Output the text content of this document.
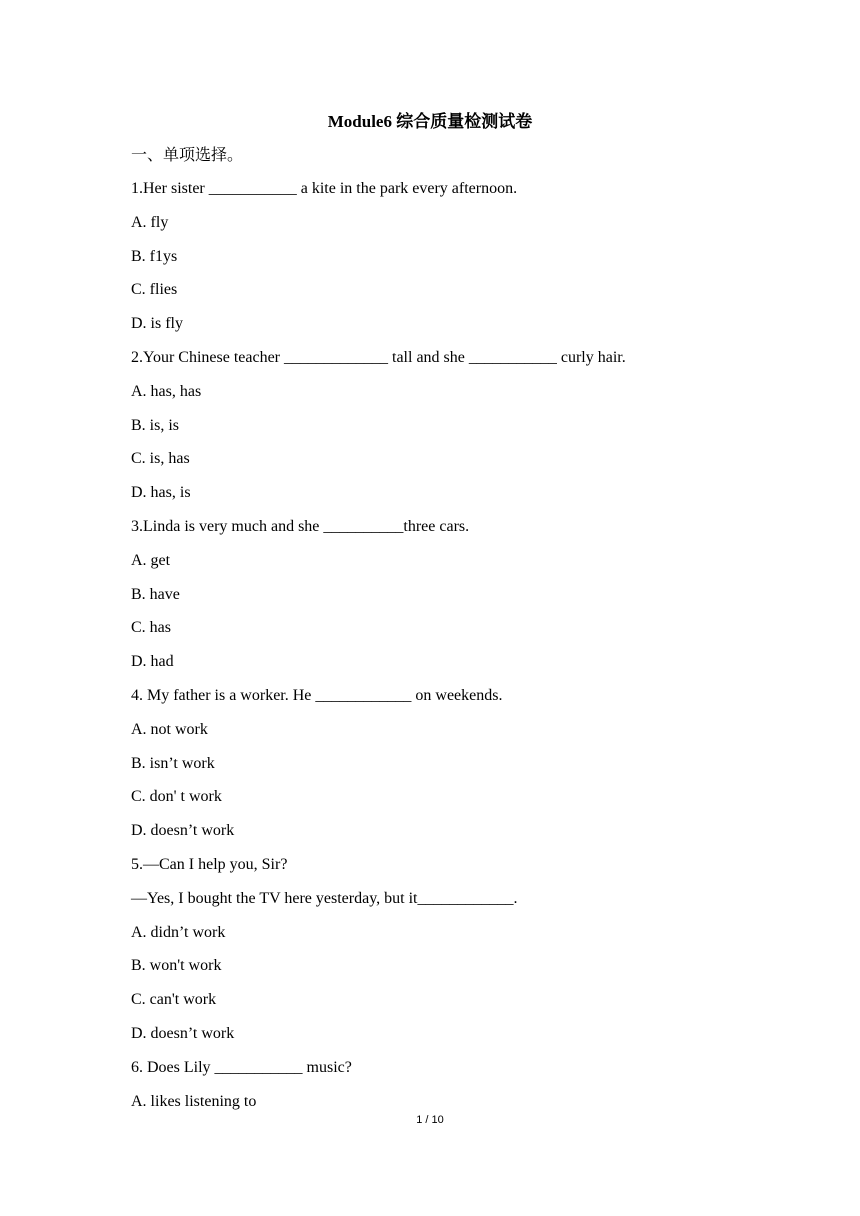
Module6 综合质量检测试卷
一、单项选择。
1.Her sister ___________ a kite in the park every afternoon.
A. fly
B. f1ys
C. flies
D. is fly
2.Your Chinese teacher _____________ tall and she ___________ curly hair.
A. has, has
B. is, is
C. is, has
D. has, is
3.Linda is very much and she __________three cars.
A. get
B. have
C. has
D. had
4. My father is a worker. He ____________ on weekends.
A. not work
B. isn’t work
C. don' t work
D. doesn’t work
5.—Can I help you, Sir?
—Yes, I bought the TV here yesterday, but it____________.
A. didn’t work
B. won't work
C. can't work
D. doesn’t work
6. Does Lily ___________ music?
A. likes listening to
1 / 10
